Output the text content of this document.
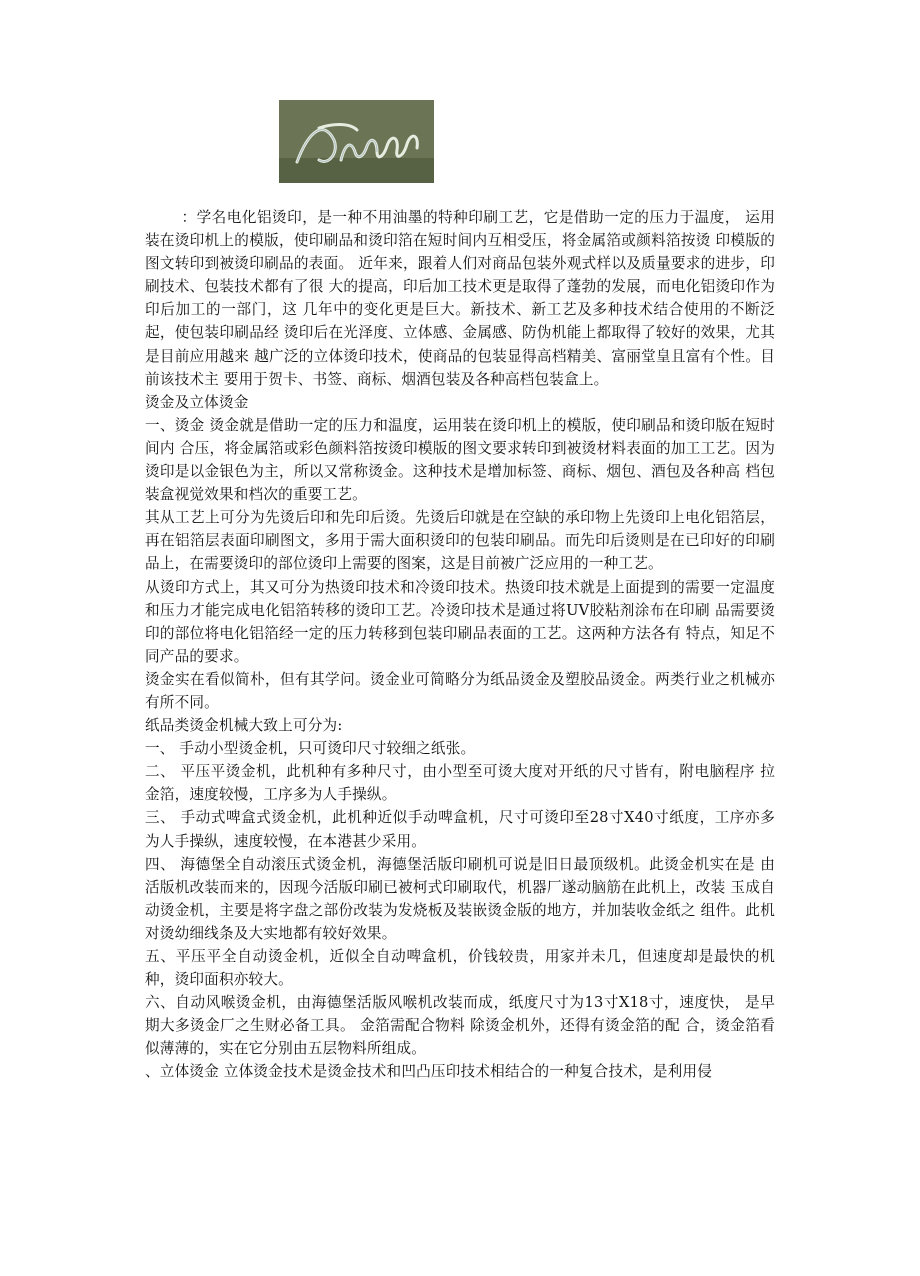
：学名电化铝烫印，是一种不用油墨的特种印刷工艺，它是借助一定的压力于温度， 运用装在烫印机上的模版，使印刷品和烫印箔在短时间内互相受压，将金属箔或颜料箔按烫 印模版的图文转印到被烫印刷品的表面。 近年来，跟着人们对商品包装外观式样以及质量要求的进步，印刷技术、包装技术都有了很 大的提高，印后加工技术更是取得了蓬勃的发展，而电化铝烫印作为印后加工的一部门，这 几年中的变化更是巨大。新技术、新工艺及多种技术结合使用的不断泛起，使包装印刷品经 烫印后在光泽度、立体感、金属感、防伪机能上都取得了较好的效果，尤其是目前应用越来 越广泛的立体烫印技术，使商品的包装显得高档精美、富丽堂皇且富有个性。目前该技术主 要用于贺卡、书签、商标、烟酒包装及各种高档包装盒上。

烫金及立体烫金

一、烫金 烫金就是借助一定的压力和温度，运用装在烫印机上的模版，使印刷品和烫印版在短时间内 合压，将金属箔或彩色颜料箔按烫印模版的图文要求转印到被烫材料表面的加工工艺。因为 烫印是以金银色为主，所以又常称烫金。这种技术是增加标签、商标、烟包、酒包及各种高 档包装盒视觉效果和档次的重要工艺。

其从工艺上可分为先烫后印和先印后烫。先烫后印就是在空缺的承印物上先烫印上电化铝箔层，再在铝箔层表面印刷图文，多用于需大面积烫印的包装印刷品。而先印后烫则是在已印好的印刷品上，在需要烫印的部位烫印上需要的图案，这是目前被广泛应用的一种工艺。

从烫印方式上，其又可分为热烫印技术和冷烫印技术。热烫印技术就是上面提到的需要一定温度和压力才能完成电化铝箔转移的烫印工艺。冷烫印技术是通过将UV胶粘剂涂布在印刷 品需要烫印的部位将电化铝箔经一定的压力转移到包装印刷品表面的工艺。这两种方法各有 特点，知足不同产品的要求。

烫金实在看似简朴，但有其学问。烫金业可简略分为纸品烫金及塑胶品烫金。两类行业之机械亦有所不同。

纸品类烫金机械大致上可分为:

一、 手动小型烫金机，只可烫印尺寸较细之纸张。

二、 平压平烫金机，此机种有多种尺寸，由小型至可烫大度对开纸的尺寸皆有，附电脑程序 拉金箔，速度较慢，工序多为人手操纵。

三、 手动式啤盒式烫金机，此机种近似手动啤盒机，尺寸可烫印至28寸X40寸纸度，工序亦多为人手操纵，速度较慢，在本港甚少采用。

四、 海德堡全自动滚压式烫金机，海德堡活版印刷机可说是旧日最顶级机。此烫金机实在是 由活版机改装而来的，因现今活版印刷已被柯式印刷取代，机器厂遂动脑筋在此机上，改装 玉成自动烫金机，主要是将字盘之部份改装为发烧板及装嵌烫金版的地方，并加装收金纸之 组件。此机对烫幼细线条及大实地都有较好效果。

五、平压平全自动烫金机，近似全自动啤盒机，价钱较贵，用家并未几，但速度却是最快的机种，烫印面积亦较大。

六、自动风喉烫金机，由海德堡活版风喉机改装而成，纸度尺寸为13寸X18寸，速度快， 是早期大多烫金厂之生财必备工具。 金箔需配合物料 除烫金机外，还得有烫金箔的配 合，烫金箔看似薄薄的，实在它分别由五层物料所组成。

、立体烫金 立体烫金技术是烫金技术和凹凸压印技术相结合的一种复合技术，是利用侵
